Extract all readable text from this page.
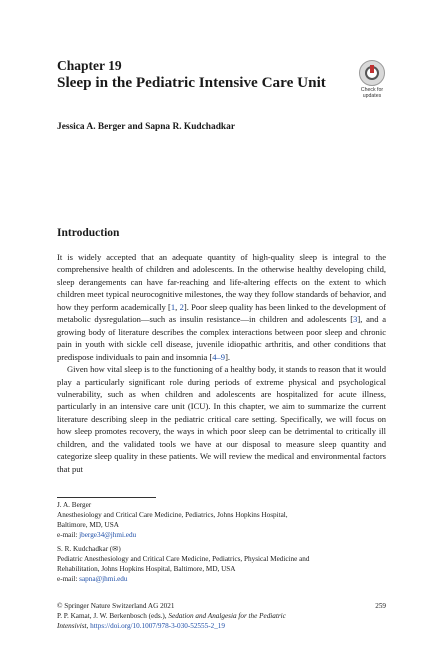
Chapter 19
Sleep in the Pediatric Intensive Care Unit	Check for
updates
Jessica A. Berger and Sapna R. Kudchadkar
Introduction

It is widely accepted that an adequate quantity of high-quality sleep is integral to the comprehensive health of children and adolescents. In the otherwise healthy developing child, sleep derangements can have far-reaching and life-altering effects on the extent to which children meet typical neurocognitive milestones, the way they follow standards of behavior, and how they perform academically [1, 2]. Poor sleep quality has been linked to the development of metabolic dysregulation—such as insulin resistance—in children and adolescents [3], and a growing body of literature describes the complex interactions between poor sleep and chronic pain in youth with sickle cell disease, juvenile idiopathic arthritis, and other conditions that predispose individuals to pain and insomnia [4–9].

Given how vital sleep is to the functioning of a healthy body, it stands to reason that it would play a particularly significant role during periods of extreme physical and psychological vulnerability, such as when children and adolescents are hospitalized for acute illness, particularly in an intensive care unit (ICU). In this chapter, we aim to summarize the current literature describing sleep in the pediatric critical care setting. Specifically, we will focus on how sleep promotes recovery, the ways in which poor sleep can be detrimental to critically ill children, and the validated tools we have at our disposal to measure sleep quantity and categorize sleep quality in these patients. We will review the medical and environmental factors that put

J. A. Berger
Anesthesiology and Critical Care Medicine, Pediatrics, Johns Hopkins Hospital,
Baltimore, MD, USA
e-mail: jberge34@jhmi.edu
S. R. Kudchadkar (✉)
Pediatric Anesthesiology and Critical Care Medicine, Pediatrics, Physical Medicine and
Rehabilitation, Johns Hopkins Hospital, Baltimore, MD, USA
e-mail: sapna@jhmi.edu
© Springer Nature Switzerland AG 2021
P. P. Kamat, J. W. Berkenbosch (eds.), Sedation and Analgesia for the Pediatric
Intensivist, https://doi.org/10.1007/978-3-030-52555-2_19
259
